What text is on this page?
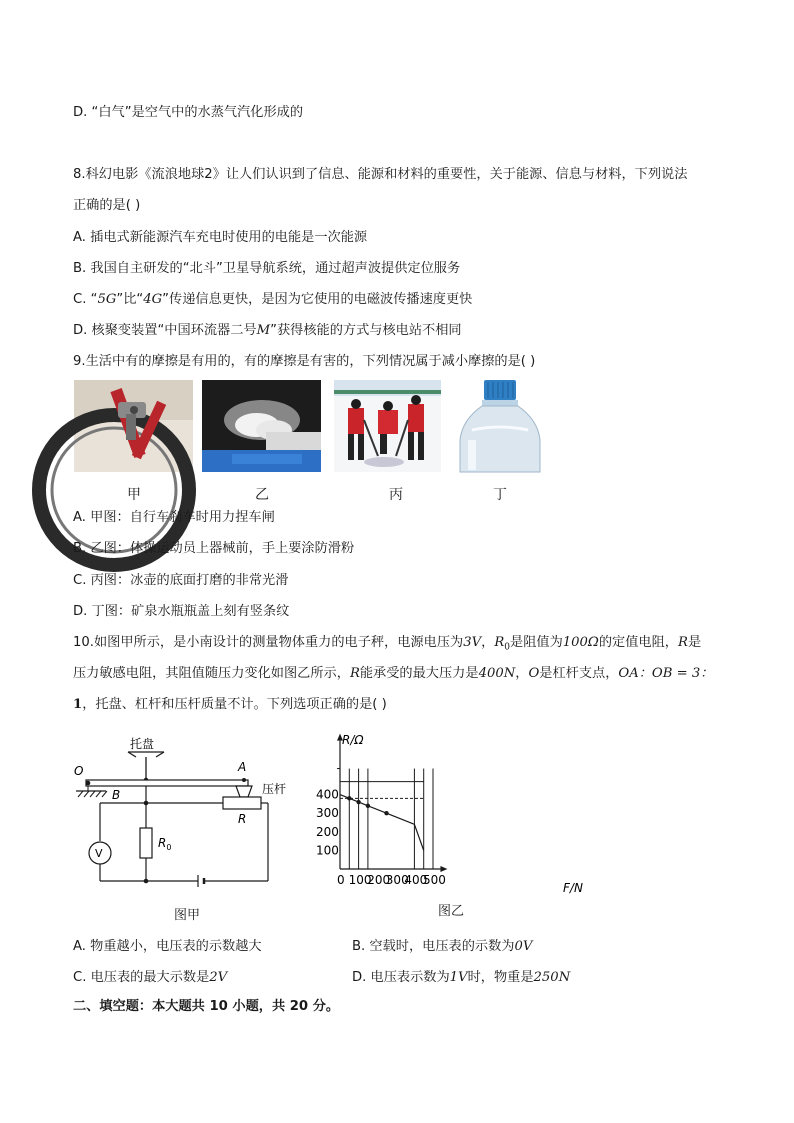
D. “白气”是空气中的水蒸气汽化形成的
8.科幻电影《流浪地球2》让人们认识到了信息、能源和材料的重要性，关于能源、信息与材料，下列说法
正确的是( )
A. 插电式新能源汽车充电时使用的电能是一次能源
B. 我国自主研发的“北斗”卫星导航系统，通过超声波提供定位服务
C. “5G”比“4G”传递信息更快，是因为它使用的电磁波传播速度更快
D. 核聚变装置“中国环流器二号M”获得核能的方式与核电站不相同
9.生活中有的摩擦是有用的，有的摩擦是有害的，下列情况属于减小摩擦的是( )
甲	乙	丙	丁
A. 甲图：自行车刹车时用力捏车闸
B. 乙图：体操运动员上器械前，手上要涂防滑粉
C. 丙图：冰壶的底面打磨的非常光滑
D. 丁图：矿泉水瓶瓶盖上刻有竖条纹
10.如图甲所示，是小南设计的测量物体重力的电子秤，电源电压为3V，$R_0$是阻值为100Ω的定值电阻，R是
压力敏感电阻，其阻值随压力变化如图乙所示，R能承受的最大压力是400N，O是杠杆支点，OA：OB = 3：
1，托盘、杠杆和压杆质量不计。下列选项正确的是( )
托盘
O	A
B	压杆
R
$R_0$
V
图甲
R/Ω
F/N
0 100
200
300
400
500
100
200
300
400
图乙
A. 物重越小，电压表的示数越大	B. 空载时，电压表的示数为0V
C. 电压表的最大示数是2V	D. 电压表示数为1V时，物重是250N
二、填空题：本大题共 10 小题，共 20 分。
